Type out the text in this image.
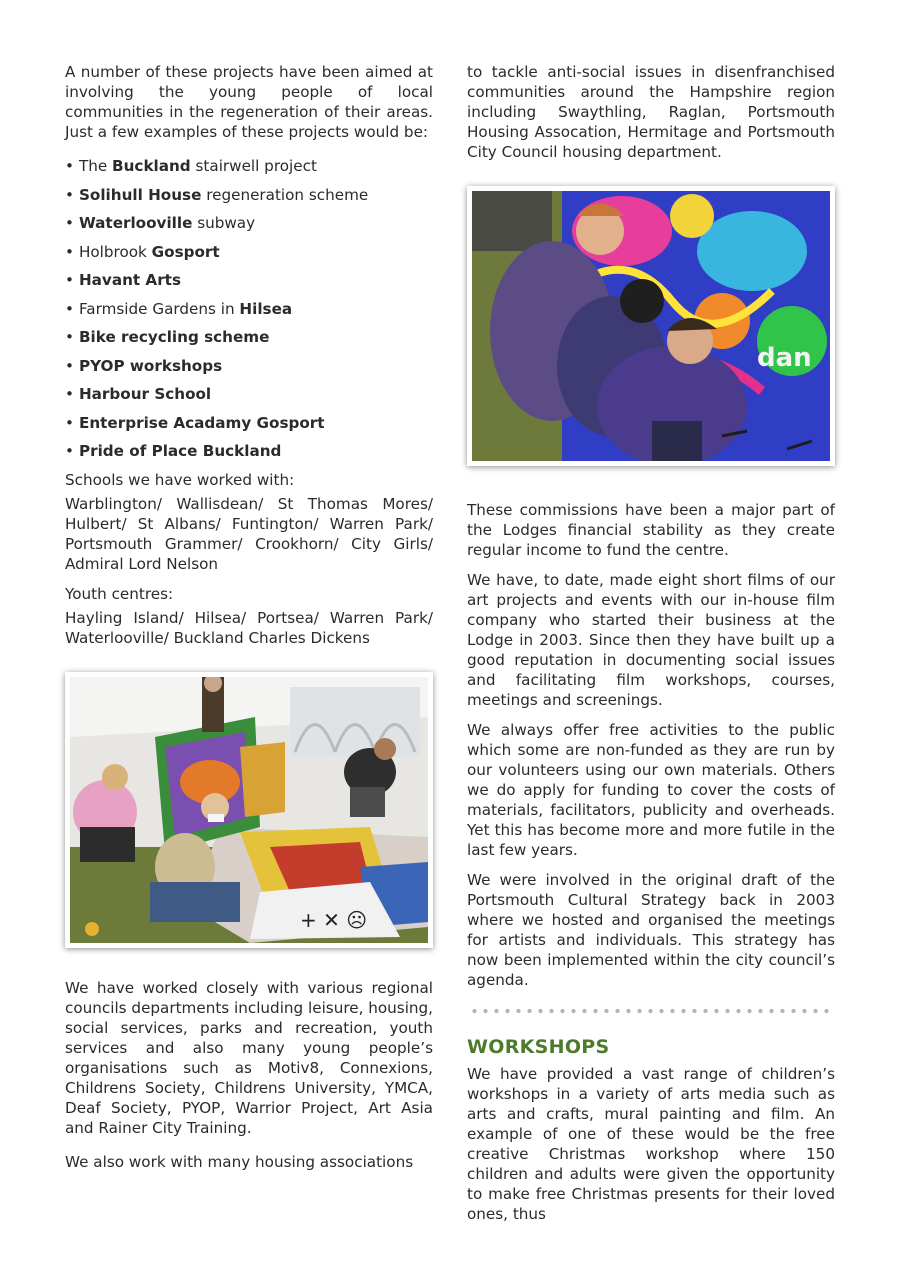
A number of these projects have been aimed at involving the young people of local communities in the regeneration of their areas. Just a few examples of these projects would be:

• The Buckland stairwell project
• Solihull House regeneration scheme
• Waterlooville subway
• Holbrook Gosport
• Havant Arts
• Farmside Gardens in Hilsea
• Bike recycling scheme
• PYOP workshops
• Harbour School
• Enterprise Acadamy Gosport
• Pride of Place Buckland

Schools we have worked with:

Warblington/ Wallisdean/ St Thomas Mores/ Hulbert/ St Albans/ Funtington/ Warren Park/ Portsmouth Grammer/ Crookhorn/ City Girls/ Admiral Lord Nelson

Youth centres:

Hayling Island/ Hilsea/ Portsea/ Warren Park/ Waterlooville/ Buckland Charles Dickens

+ ✕ ☹

We have worked closely with various regional councils departments including leisure, housing, social services, parks and recreation, youth services and also many young people’s organisations such as Motiv8, Connexions, Childrens Society, Childrens University, YMCA, Deaf Society, PYOP, Warrior Project, Art Asia and Rainer City Training.

We also work with many housing associations

to tackle anti-social issues in disenfranchised communities around the Hampshire region including Swaythling, Raglan, Portsmouth Housing Assocation, Hermitage and Portsmouth City Council housing department.

dan

These commissions have been a major part of the Lodges financial stability as they create regular income to fund the centre.

We have, to date, made eight short films of our art projects and events with our in-house film company who started their business at the Lodge in 2003. Since then they have built up a good reputation in documenting social issues and facilitating film workshops, courses, meetings and screenings.

We always offer free activities to the public which some are non-funded as they are run by our volunteers using our own materials. Others we do apply for funding to cover the costs of materials, facilitators, publicity and overheads. Yet this has become more and more futile in the last few years.

We were involved in the original draft of the Portsmouth Cultural Strategy back in 2003 where we hosted and organised the meetings for artists and individuals. This strategy has now been implemented within the city council’s agenda.

WORKSHOPS

We have provided a vast range of children’s workshops in a variety of arts media such as arts and crafts, mural painting and film. An example of one of these would be the free creative Christmas workshop where 150 children and adults were given the opportunity to make free Christmas presents for their loved ones, thus
